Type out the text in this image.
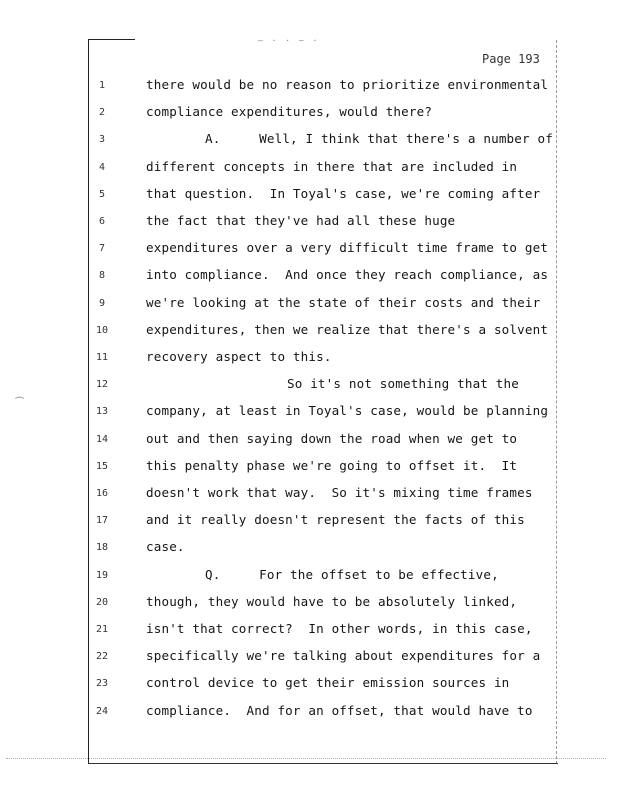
— · · — ·
Page 193
1	there would be no reason to prioritize environmental
2	compliance expenditures, would there?
3	A.     Well, I think that there's a number of
4	different concepts in there that are included in
5	that question.  In Toyal's case, we're coming after
6	the fact that they've had all these huge
7	expenditures over a very difficult time frame to get
8	into compliance.  And once they reach compliance, as
9	we're looking at the state of their costs and their
10	expenditures, then we realize that there's a solvent
11	recovery aspect to this.
12	So it's not something that the
13	company, at least in Toyal's case, would be planning
14	out and then saying down the road when we get to
15	this penalty phase we're going to offset it.  It
16	doesn't work that way.  So it's mixing time frames
17	and it really doesn't represent the facts of this
18	case.
19	Q.     For the offset to be effective,
20	though, they would have to be absolutely linked,
21	isn't that correct?  In other words, in this case,
22	specifically we're talking about expenditures for a
23	control device to get their emission sources in
24	compliance.  And for an offset, that would have to
(
